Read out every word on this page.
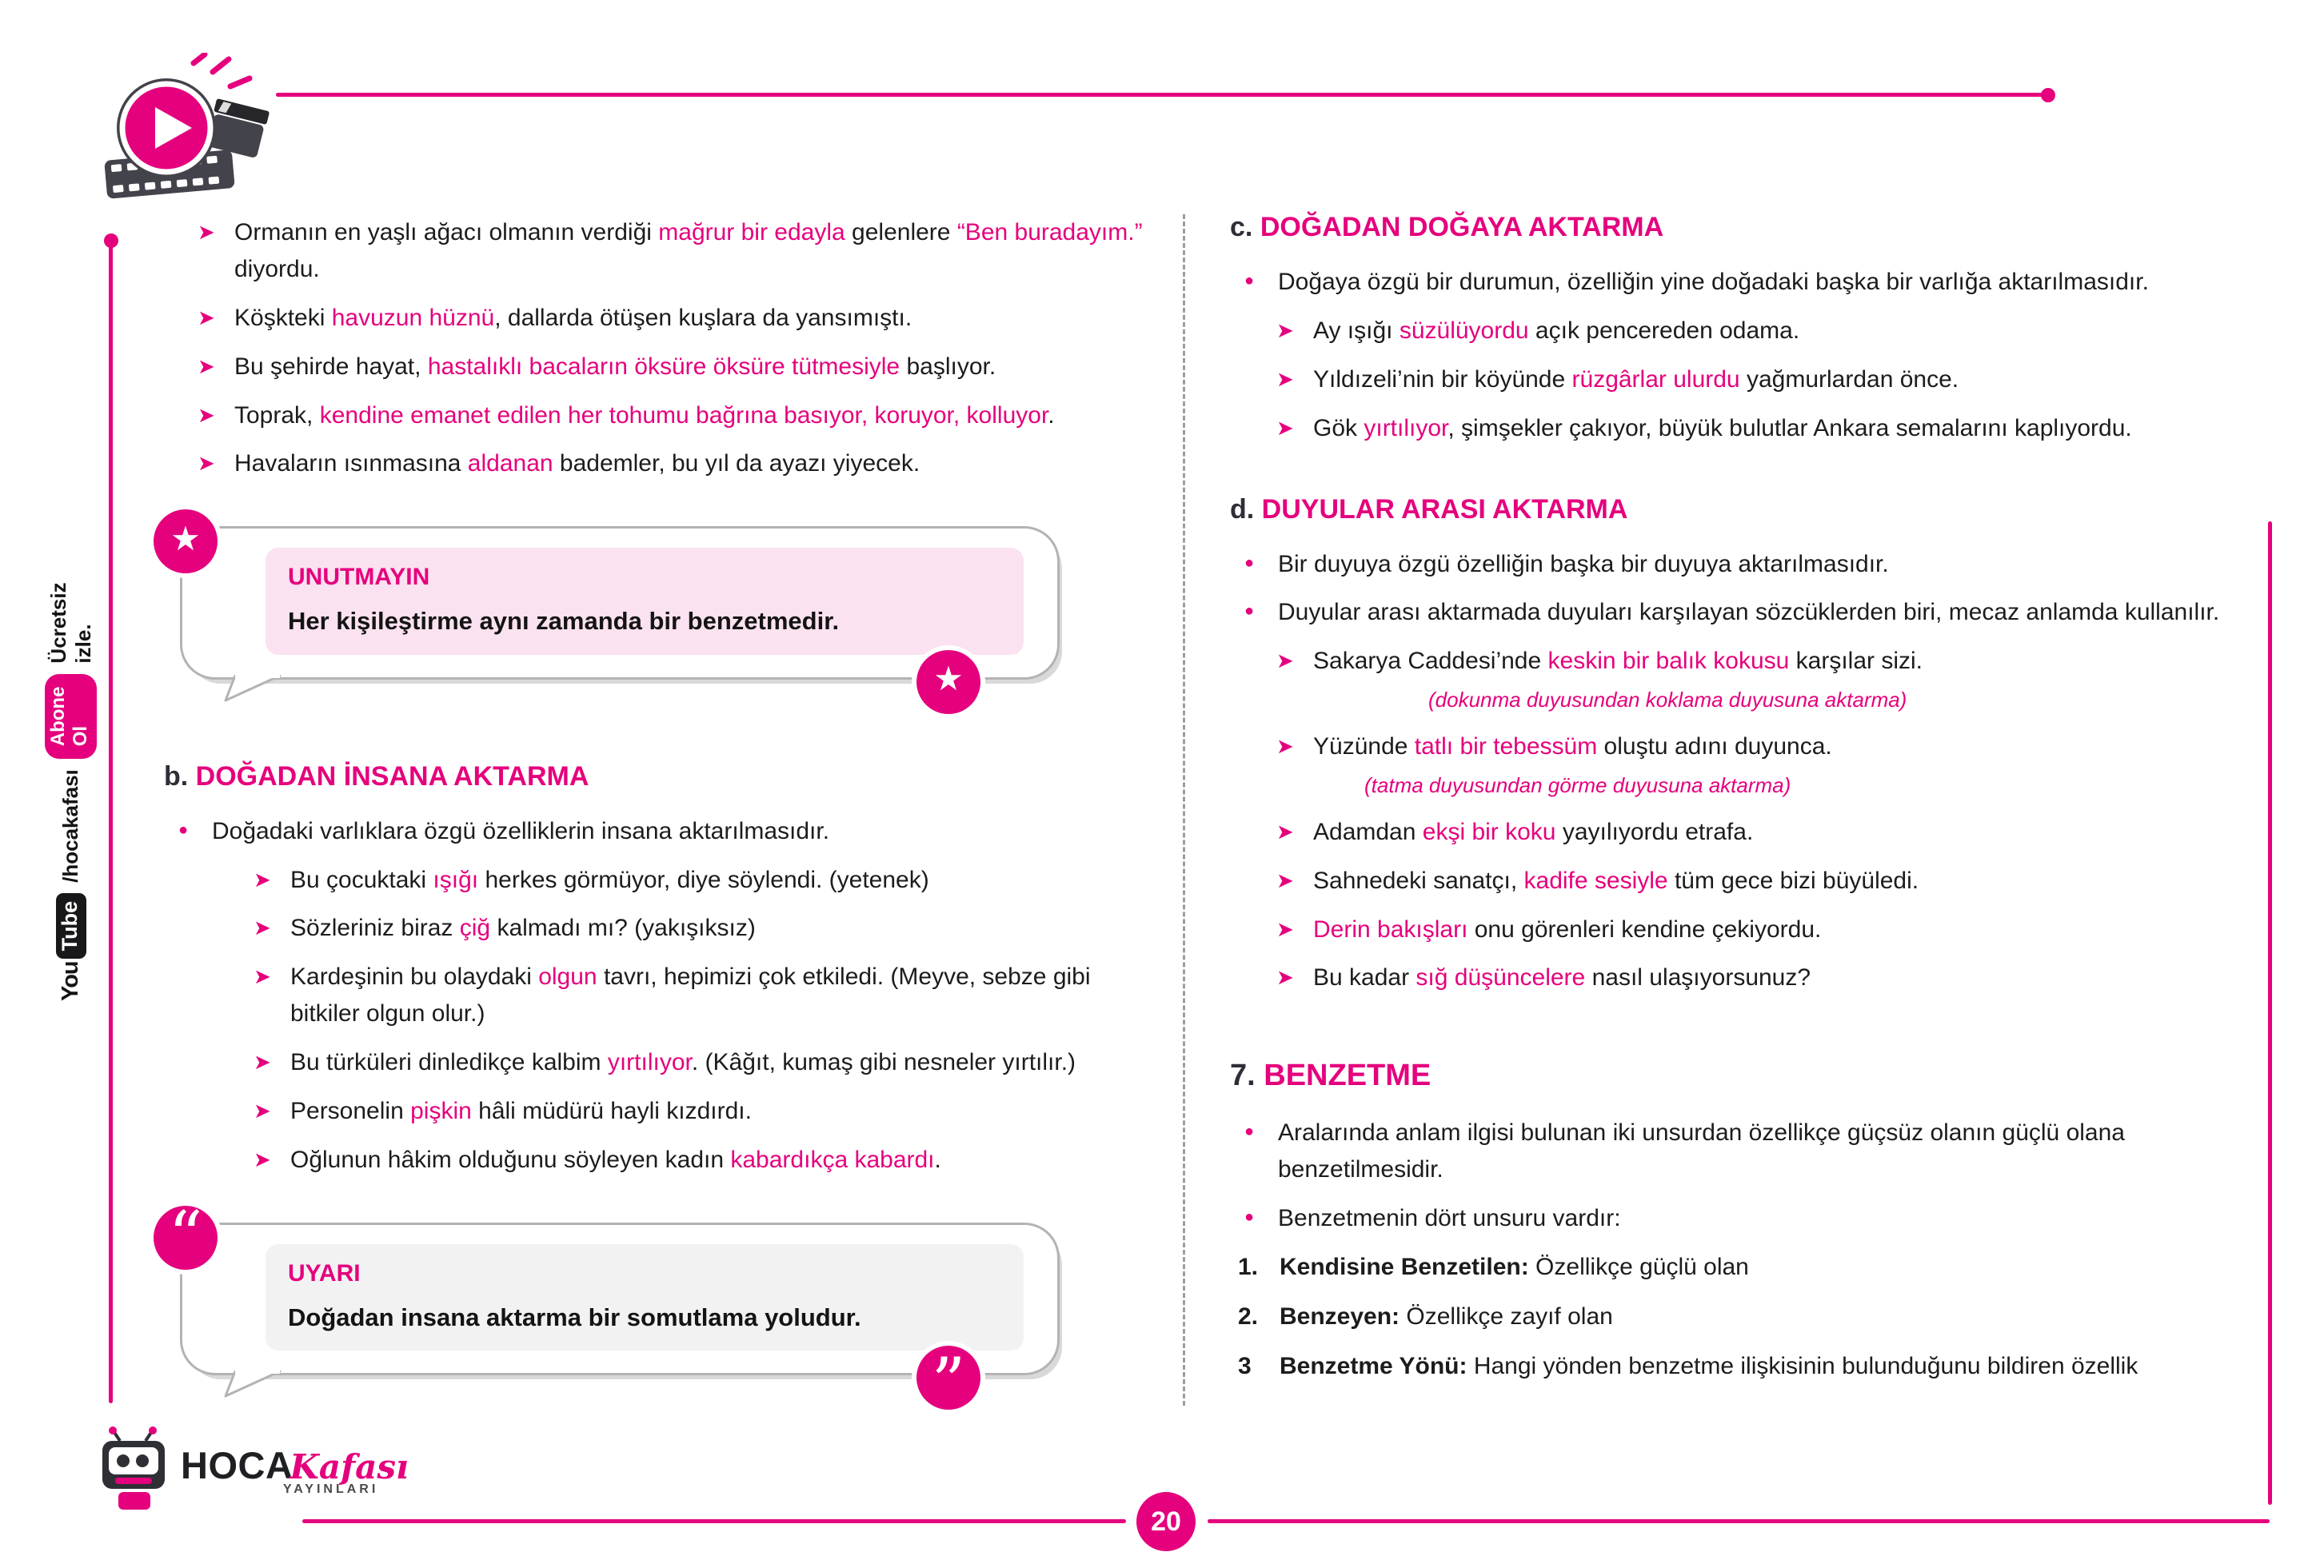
20
You
Tube
/hocakafası
Abone Ol
Ücretsiz izle.
➤
Ormanın en yaşlı ağacı olmanın verdiği mağrur bir edayla gelenlere “Ben buradayım.” diyordu.
➤
Köşkteki havuzun hüznü, dallarda ötüşen kuşlara da yansımıştı.
➤
Bu şehirde hayat, hastalıklı bacaların öksüre öksüre tütmesiyle başlıyor.
➤
Toprak, kendine emanet edilen her tohumu bağrına basıyor, koruyor, kolluyor.
➤
Havaların ısınmasına aldanan bademler, bu yıl da ayazı yiyecek.
★
★
UNUTMAYIN
Her kişileştirme aynı zamanda bir benzetmedir.
b. DOĞADAN İNSANA AKTARMA
●
Doğadaki varlıklara özgü özelliklerin insana aktarılmasıdır.
➤
Bu çocuktaki ışığı herkes görmüyor, diye söylendi. (yetenek)
➤
Sözleriniz biraz çiğ kalmadı mı? (yakışıksız)
➤
Kardeşinin bu olaydaki olgun tavrı, hepimizi çok etkiledi. (Meyve, sebze gibi bitkiler olgun olur.)
➤
Bu türküleri dinledikçe kalbim yırtılıyor. (Kâğıt, kumaş gibi nesneler yırtılır.)
➤
Personelin pişkin hâli müdürü hayli kızdırdı.
➤
Oğlunun hâkim olduğunu söyleyen kadın kabardıkça kabardı.
“
”
UYARI
Doğadan insana aktarma bir somutlama yoludur.
c. DOĞADAN DOĞAYA AKTARMA
●
Doğaya özgü bir durumun, özelliğin yine doğadaki başka bir varlığa aktarılmasıdır.
➤
Ay ışığı süzülüyordu açık pencereden odama.
➤
Yıldızeli’nin bir köyünde rüzgârlar ulurdu yağmurlardan önce.
➤
Gök yırtılıyor, şimşekler çakıyor, büyük bulutlar Ankara semalarını kaplıyordu.
d. DUYULAR ARASI AKTARMA
●
Bir duyuya özgü özelliğin başka bir duyuya aktarılmasıdır.
●
Duyular arası aktarmada duyuları karşılayan sözcüklerden biri, mecaz anlamda kullanılır.
➤
Sakarya Caddesi’nde keskin bir balık kokusu karşılar sizi.
(dokunma duyusundan koklama duyusuna aktarma)
➤
Yüzünde tatlı bir tebessüm oluştu adını duyunca.
(tatma duyusundan görme duyusuna aktarma)
➤
Adamdan ekşi bir koku yayılıyordu etrafa.
➤
Sahnedeki sanatçı, kadife sesiyle tüm gece bizi büyüledi.
➤
Derin bakışları onu görenleri kendine çekiyordu.
➤
Bu kadar sığ düşüncelere nasıl ulaşıyorsunuz?
7. BENZETME
●
Aralarında anlam ilgisi bulunan iki unsurdan özellikçe güçsüz olanın güçlü olana benzetilmesidir.
●
Benzetmenin dört unsuru vardır:
1. Kendisine Benzetilen: Özellikçe güçlü olan
2. Benzeyen: Özellikçe zayıf olan
3	Benzetme Yönü: Hangi yönden benzetme ilişkisinin bulunduğunu bildiren özellik
HOCA
Kafası
YAYINLARI
